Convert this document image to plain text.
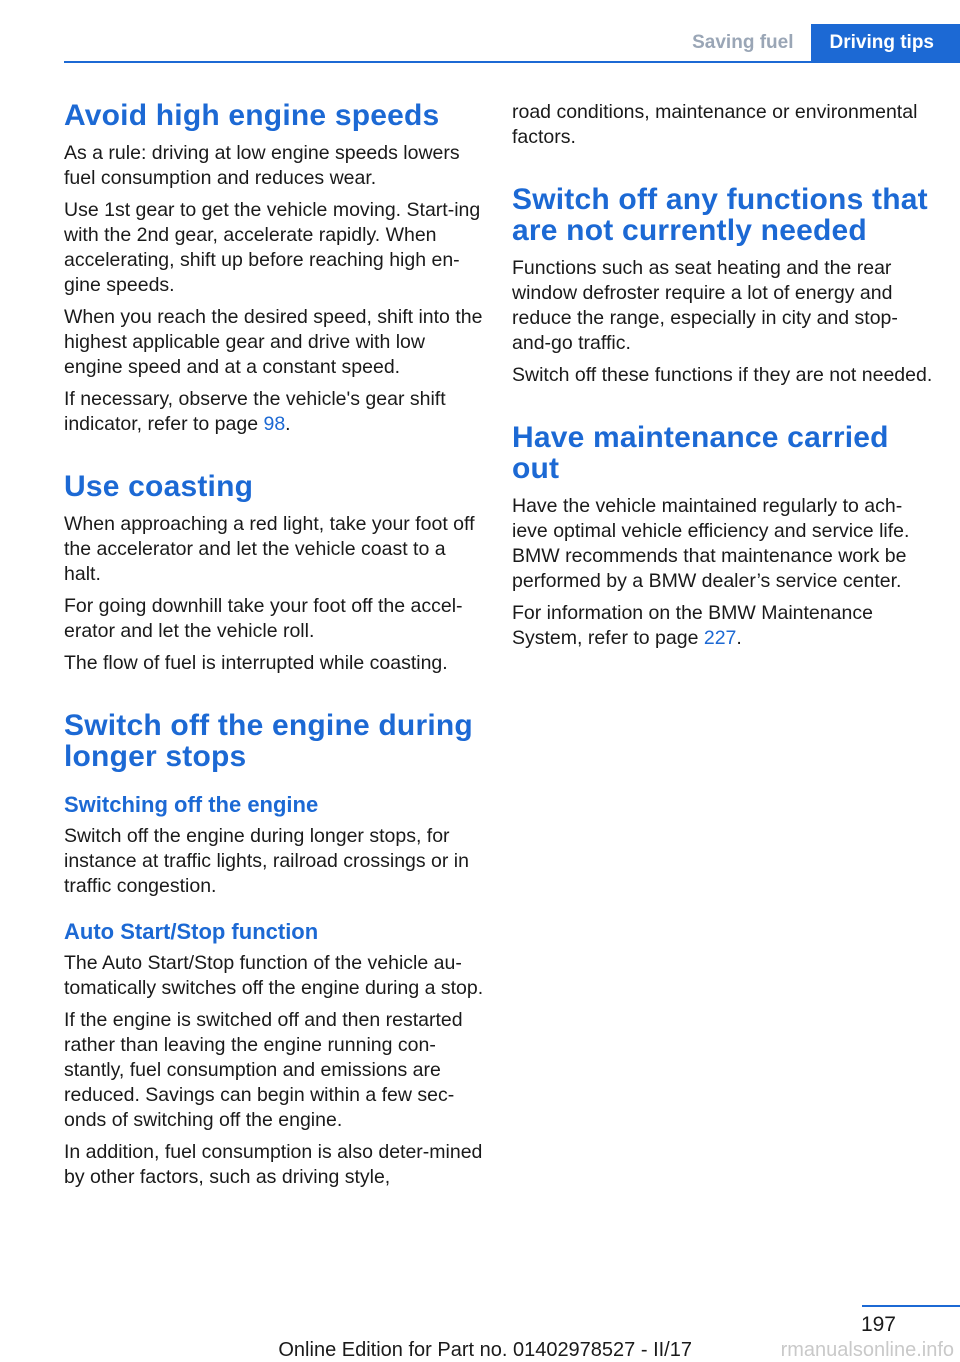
Saving fuel	Driving tips
Avoid high engine speeds

As a rule: driving at low engine speeds lowers fuel consumption and reduces wear.

Use 1st gear to get the vehicle moving. Start‐ing with the 2nd gear, accelerate rapidly. When accelerating, shift up before reaching high en‐gine speeds.

When you reach the desired speed, shift into the highest applicable gear and drive with low engine speed and at a constant speed.

If necessary, observe the vehicle's gear shift indicator, refer to page 98.

Use coasting

When approaching a red light, take your foot off the accelerator and let the vehicle coast to a halt.

For going downhill take your foot off the accel‐erator and let the vehicle roll.

The flow of fuel is interrupted while coasting.

Switch off the engine during longer stops
Switching off the engine

Switch off the engine during longer stops, for instance at traffic lights, railroad crossings or in traffic congestion.

Auto Start/Stop function

The Auto Start/Stop function of the vehicle au‐tomatically switches off the engine during a stop.

If the engine is switched off and then restarted rather than leaving the engine running con‐stantly, fuel consumption and emissions are reduced. Savings can begin within a few sec‐onds of switching off the engine.

In addition, fuel consumption is also deter‐mined by other factors, such as driving style,

road conditions, maintenance or environmental factors.

Switch off any functions that are not currently needed

Functions such as seat heating and the rear window defroster require a lot of energy and reduce the range, especially in city and stop-and-go traffic.

Switch off these functions if they are not needed.

Have maintenance carried out

Have the vehicle maintained regularly to ach‐ieve optimal vehicle efficiency and service life. BMW recommends that maintenance work be performed by a BMW dealer’s service center.

For information on the BMW Maintenance System, refer to page 227.

197
Online Edition for Part no. 01402978527 - II/17	rmanualsonline.info
